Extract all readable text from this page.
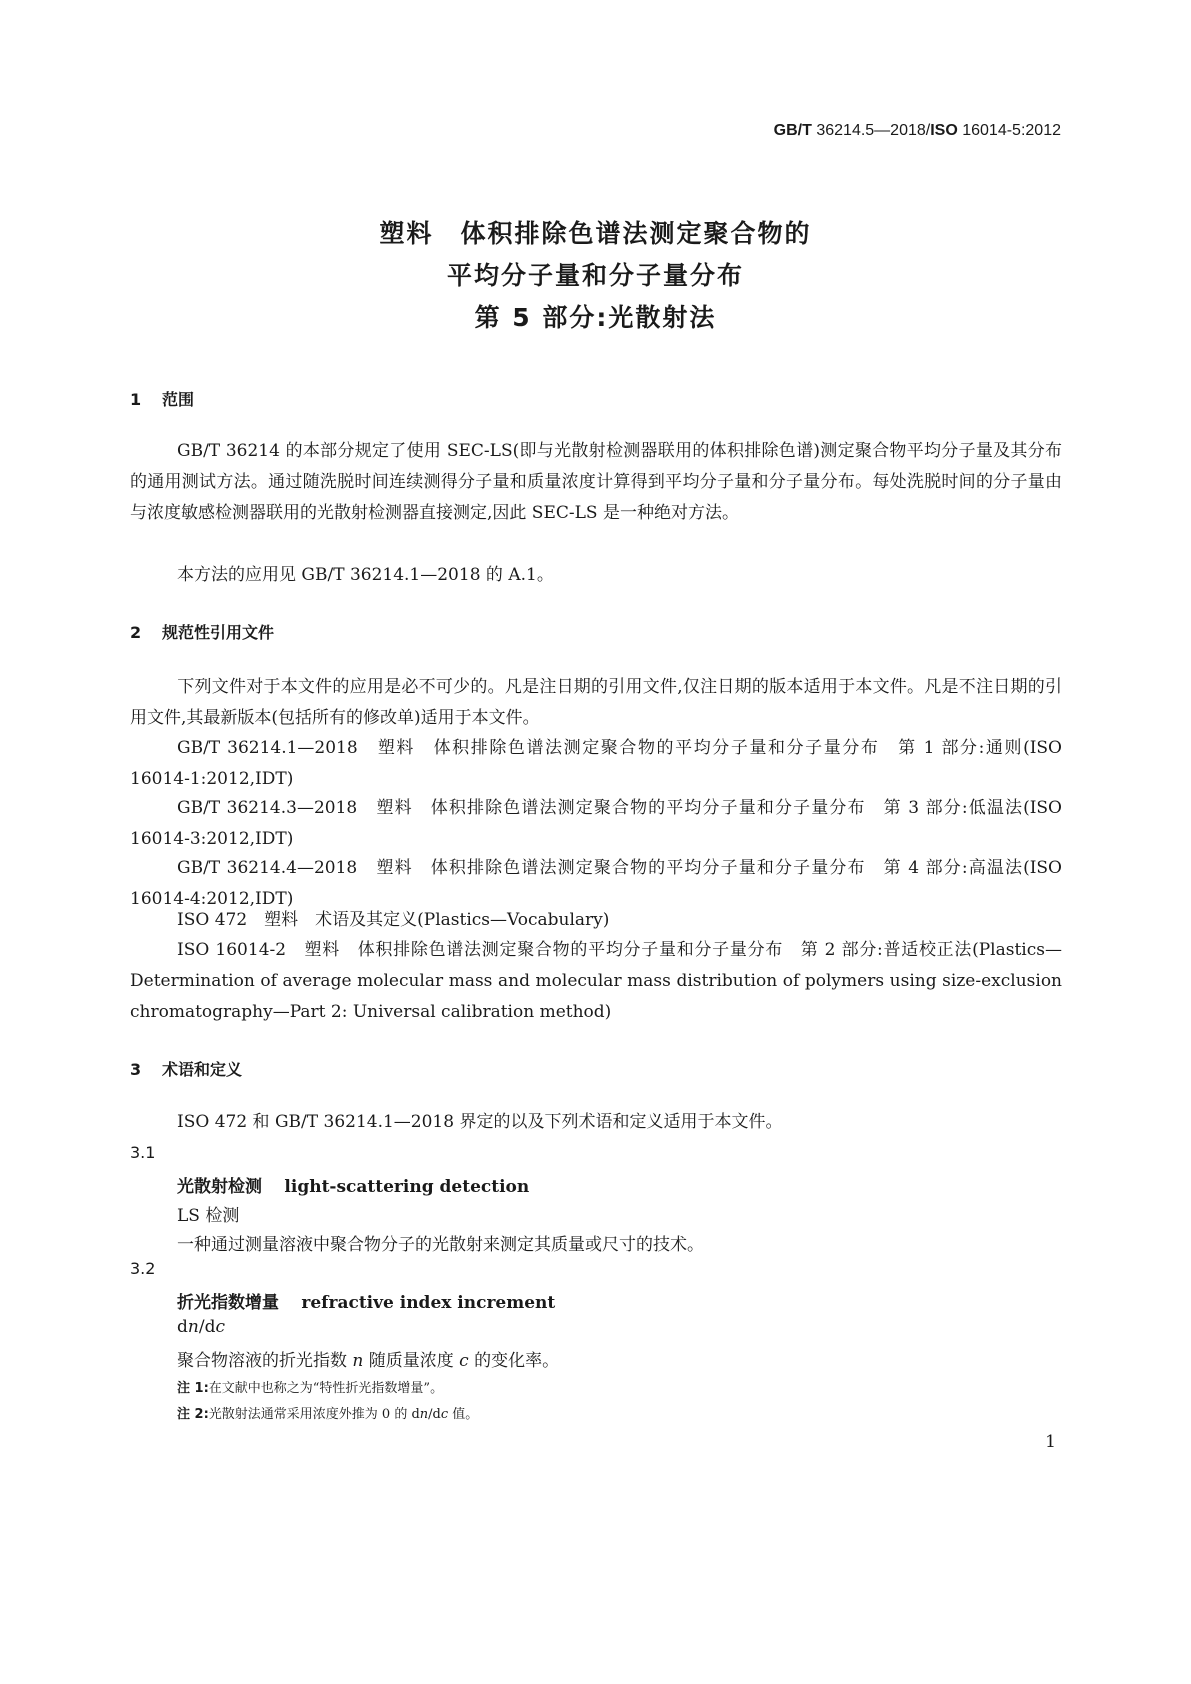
GB/T 36214.5—2018/ISO 16014-5:2012
塑料　体积排除色谱法测定聚合物的
平均分子量和分子量分布
第 5 部分:光散射法
1 范围
GB/T 36214 的本部分规定了使用 SEC-LS(即与光散射检测器联用的体积排除色谱)测定聚合物平均分子量及其分布的通用测试方法。通过随洗脱时间连续测得分子量和质量浓度计算得到平均分子量和分子量分布。每处洗脱时间的分子量由与浓度敏感检测器联用的光散射检测器直接测定,因此 SEC-LS 是一种绝对方法。
本方法的应用见 GB/T 36214.1—2018 的 A.1。
2 规范性引用文件
下列文件对于本文件的应用是必不可少的。凡是注日期的引用文件,仅注日期的版本适用于本文件。凡是不注日期的引用文件,其最新版本(包括所有的修改单)适用于本文件。
GB/T 36214.1—2018　塑料　体积排除色谱法测定聚合物的平均分子量和分子量分布　第 1 部分:通则(ISO 16014-1:2012,IDT)
GB/T 36214.3—2018　塑料　体积排除色谱法测定聚合物的平均分子量和分子量分布　第 3 部分:低温法(ISO 16014-3:2012,IDT)
GB/T 36214.4—2018　塑料　体积排除色谱法测定聚合物的平均分子量和分子量分布　第 4 部分:高温法(ISO 16014-4:2012,IDT)
ISO 472　塑料　术语及其定义(Plastics—Vocabulary)
ISO 16014-2　塑料　体积排除色谱法测定聚合物的平均分子量和分子量分布　第 2 部分:普适校正法(Plastics—Determination of average molecular mass and molecular mass distribution of polymers using size-exclusion chromatography—Part 2: Universal calibration method)
3 术语和定义
ISO 472 和 GB/T 36214.1—2018 界定的以及下列术语和定义适用于本文件。
3.1
光散射检测　 light-scattering detection
LS 检测
一种通过测量溶液中聚合物分子的光散射来测定其质量或尺寸的技术。
3.2
折光指数增量　 refractive index increment
dn/dc
聚合物溶液的折光指数 n 随质量浓度 c 的变化率。
注 1:在文献中也称之为“特性折光指数增量”。
注 2:光散射法通常采用浓度外推为 0 的 dn/dc 值。
1
